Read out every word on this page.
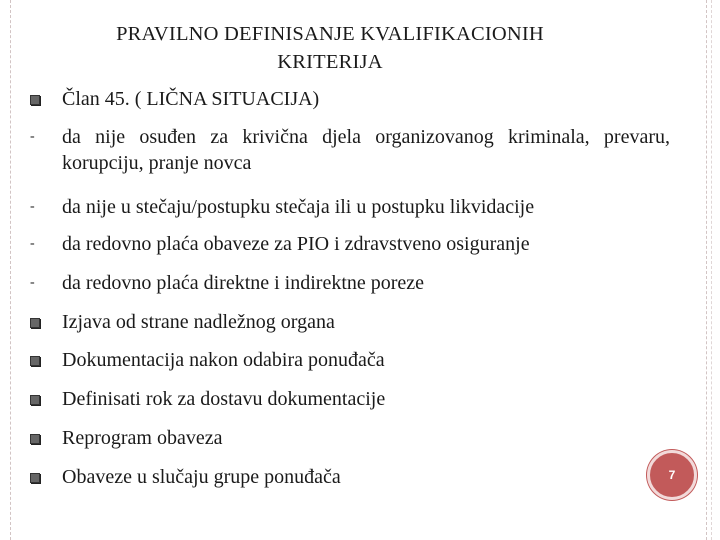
PRAVILNO DEFINISANJE KVALIFIKACIONIH
KRITERIJA
Član 45. ( LIČNA SITUACIJA)
- da nije osuđen za krivična djela organizovanog kriminala, prevaru, korupciju, pranje novca
- da nije u stečaju/postupku stečaja ili u postupku likvidacije
- da redovno plaća obaveze za PIO i zdravstveno osiguranje
- da redovno plaća direktne i indirektne poreze
Izjava od strane nadležnog organa
Dokumentacija nakon odabira ponuđača
Definisati rok za dostavu dokumentacije
Reprogram obaveza
Obaveze u slučaju grupe ponuđača	7
